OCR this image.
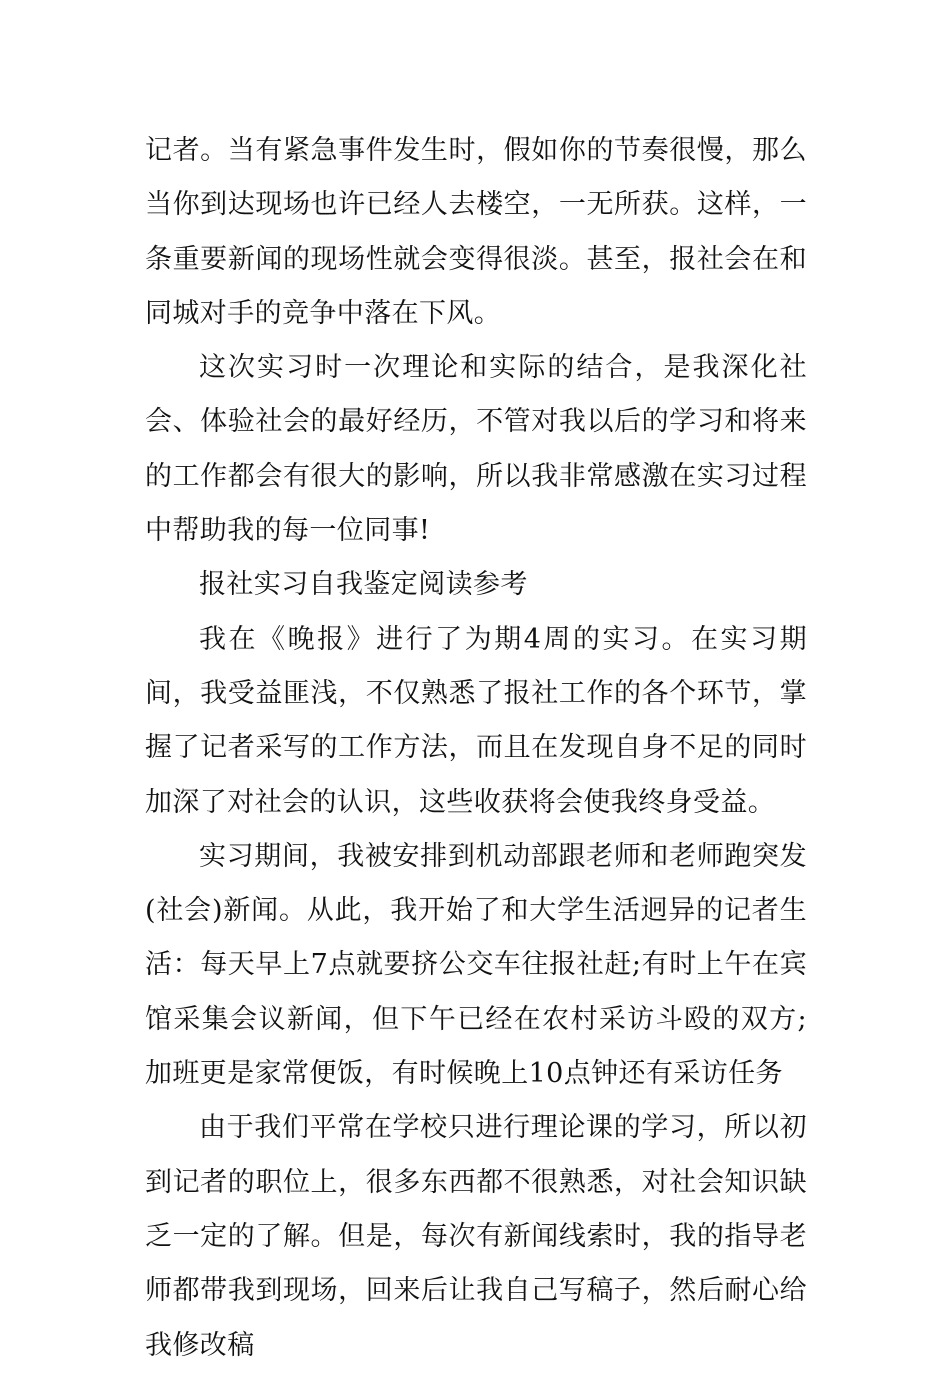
记者。当有紧急事件发生时，假如你的节奏很慢，那么当你到达现场也许已经人去楼空，一无所获。这样，一条重要新闻的现场性就会变得很淡。甚至，报社会在和同城对手的竞争中落在下风。

这次实习时一次理论和实际的结合，是我深化社会、体验社会的最好经历，不管对我以后的学习和将来的工作都会有很大的影响，所以我非常感激在实习过程中帮助我的每一位同事!

报社实习自我鉴定阅读参考

我在《晚报》进行了为期4周的实习。在实习期间，我受益匪浅，不仅熟悉了报社工作的各个环节，掌握了记者采写的工作方法，而且在发现自身不足的同时加深了对社会的认识，这些收获将会使我终身受益。

实习期间，我被安排到机动部跟老师和老师跑突发(社会)新闻。从此，我开始了和大学生活迥异的记者生活：每天早上7点就要挤公交车往报社赶;有时上午在宾馆采集会议新闻，但下午已经在农村采访斗殴的双方;加班更是家常便饭，有时候晚上10点钟还有采访任务

由于我们平常在学校只进行理论课的学习，所以初到记者的职位上，很多东西都不很熟悉，对社会知识缺乏一定的了解。但是，每次有新闻线索时，我的指导老师都带我到现场，回来后让我自己写稿子，然后耐心给我修改稿
